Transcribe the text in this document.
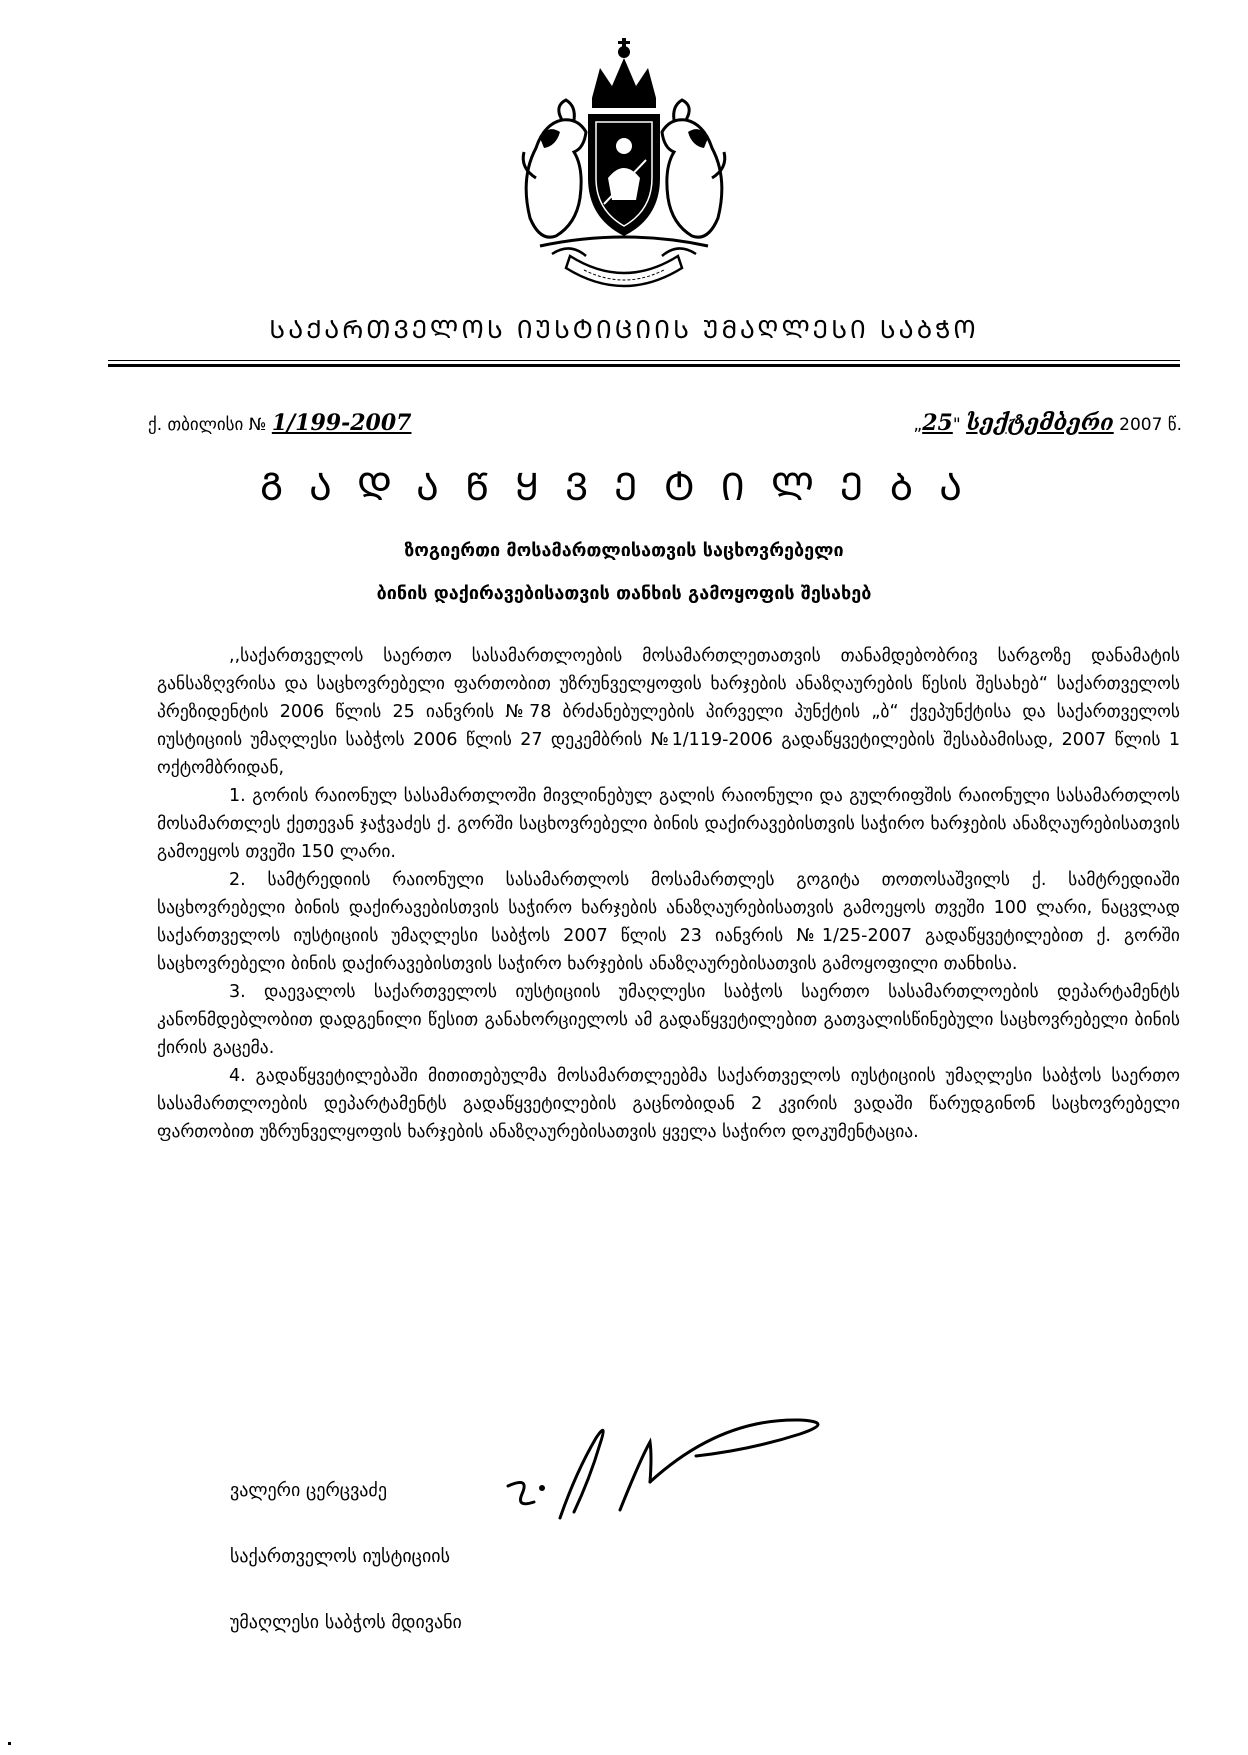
ᲡᲐᲥᲐᲠᲗᲕᲔᲚᲝᲡ ᲘᲣᲡᲢᲘᲪᲘᲘᲡ ᲣᲛᲐᲦᲚᲔᲡᲘ ᲡᲐᲑᲭᲝ
ქ. თბილისი № 1/199-2007	„25" სექტემბერი 2007 წ.
ᲒᲐᲓᲐᲬᲧᲕᲔᲢᲘᲚᲔᲑᲐ
ზოგიერთი მოსამართლისათვის საცხოვრებელი
ბინის დაქირავებისათვის თანხის გამოყოფის შესახებ

,,საქართველოს საერთო სასამართლოების მოსამართლეთათვის თანამდებობრივ სარგოზე დანამატის განსაზღვრისა და საცხოვრებელი ფართობით უზრუნველყოფის ხარჯების ანაზღაურების წესის შესახებ“ საქართველოს პრეზიდენტის 2006 წლის 25 იანვრის №78 ბრძანებულების პირველი პუნქტის „ბ“ ქვეპუნქტისა და საქართველოს იუსტიციის უმაღლესი საბჭოს 2006 წლის 27 დეკემბრის №1/119-2006 გადაწყვეტილების შესაბამისად, 2007 წლის 1 ოქტომბრიდან,

1. გორის რაიონულ სასამართლოში მივლინებულ გალის რაიონული და გულრიფშის რაიონული სასამართლოს მოსამართლეს ქეთევან ჯაჭვაძეს ქ. გორში საცხოვრებელი ბინის დაქირავებისთვის საჭირო ხარჯების ანაზღაურებისათვის გამოეყოს თვეში 150 ლარი.

2. სამტრედიის რაიონული სასამართლოს მოსამართლეს გოგიტა თოთოსაშვილს ქ. სამტრედიაში საცხოვრებელი ბინის დაქირავებისთვის საჭირო ხარჯების ანაზღაურებისათვის გამოეყოს თვეში 100 ლარი, ნაცვლად საქართველოს იუსტიციის უმაღლესი საბჭოს 2007 წლის 23 იანვრის №1/25-2007 გადაწყვეტილებით ქ. გორში საცხოვრებელი ბინის დაქირავებისთვის საჭირო ხარჯების ანაზღაურებისათვის გამოყოფილი თანხისა.

3. დაევალოს საქართველოს იუსტიციის უმაღლესი საბჭოს საერთო სასამართლოების დეპარტამენტს კანონმდებლობით დადგენილი წესით განახორციელოს ამ გადაწყვეტილებით გათვალისწინებული საცხოვრებელი ბინის ქირის გაცემა.

4. გადაწყვეტილებაში მითითებულმა მოსამართლეებმა საქართველოს იუსტიციის უმაღლესი საბჭოს საერთო სასამართლოების დეპარტამენტს გადაწყვეტილების გაცნობიდან 2 კვირის ვადაში წარუდგინონ საცხოვრებელი ფართობით უზრუნველყოფის ხარჯების ანაზღაურებისათვის ყველა საჭირო დოკუმენტაცია.

ვალერი ცერცვაძე
საქართველოს იუსტიციის
უმაღლესი საბჭოს მდივანი
